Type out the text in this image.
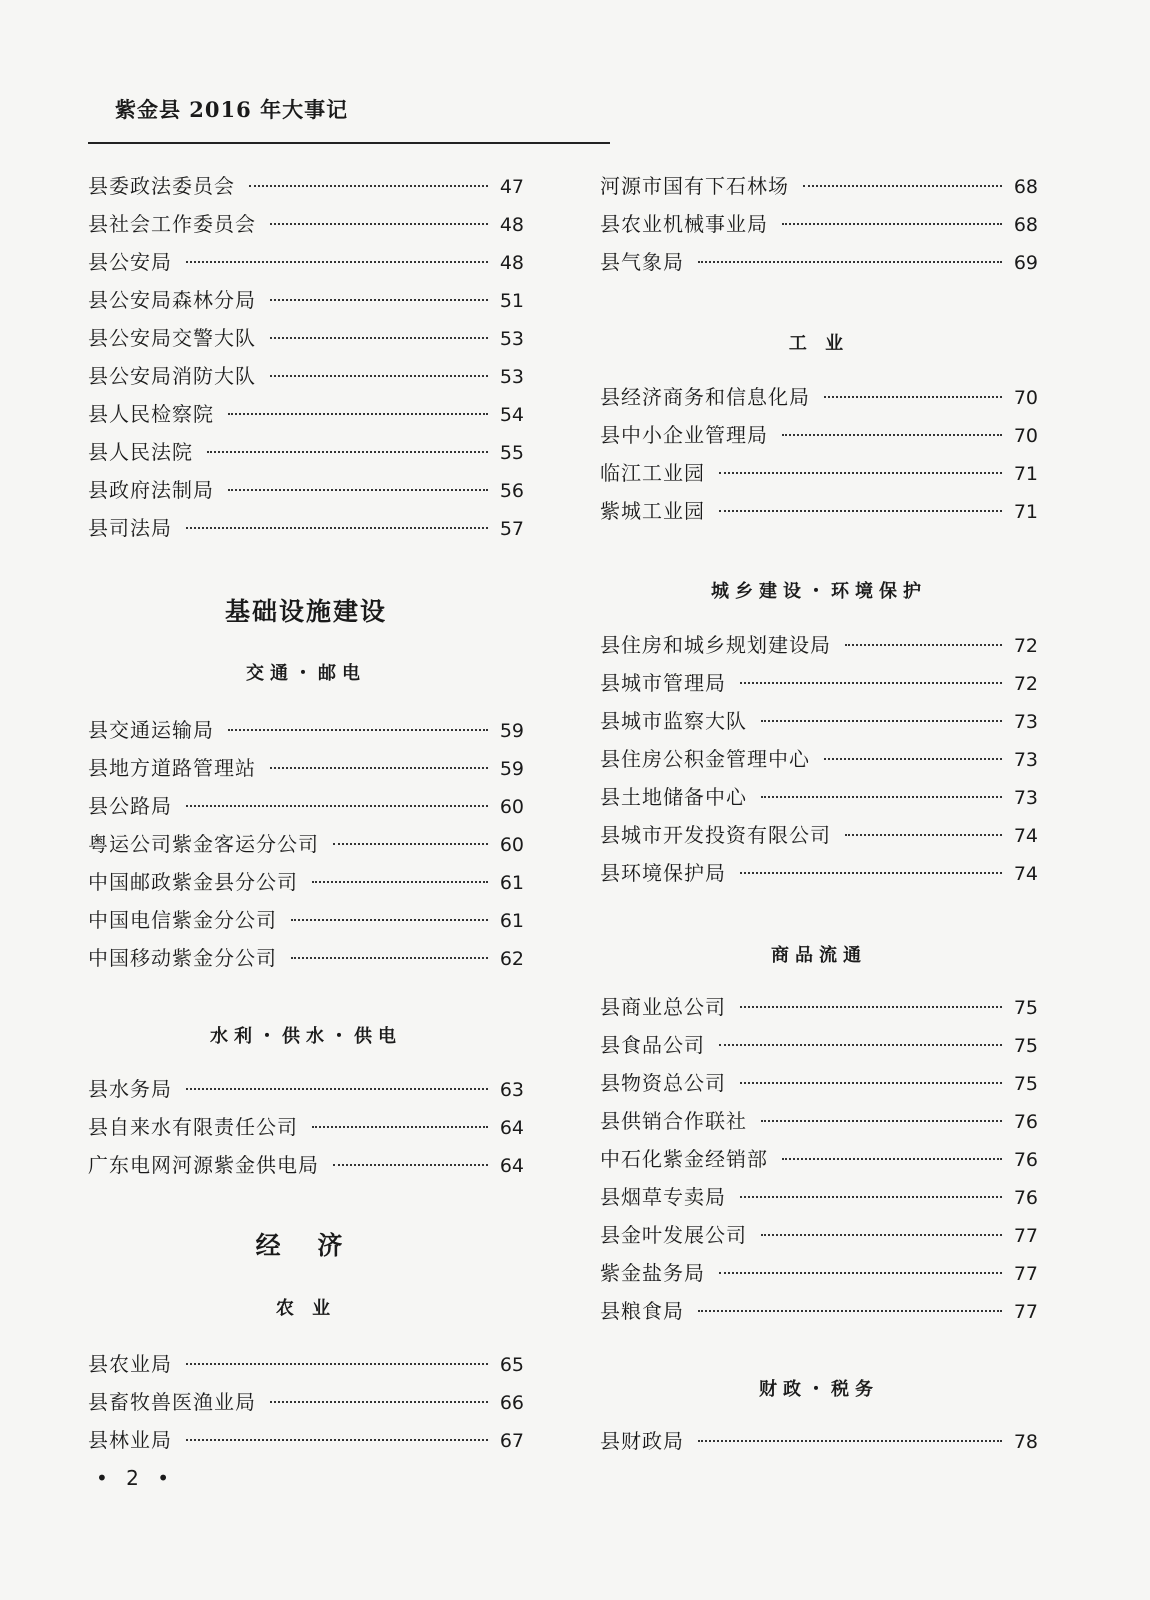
紫金县 2016 年大事记
县委政法委员会	47
县社会工作委员会	48
县公安局	48
县公安局森林分局	51
县公安局交警大队	53
县公安局消防大队	53
县人民检察院	54
县人民法院	55
县政府法制局	56
县司法局	57
基础设施建设
交通・邮电
县交通运输局	59
县地方道路管理站	59
县公路局	60
粤运公司紫金客运分公司	60
中国邮政紫金县分公司	61
中国电信紫金分公司	61
中国移动紫金分公司	62
水利・供水・供电
县水务局	63
县自来水有限责任公司	64
广东电网河源紫金供电局	64
经 济
农 业
县农业局	65
县畜牧兽医渔业局	66
县林业局	67
河源市国有下石林场	68
县农业机械事业局	68
县气象局	69
工 业
县经济商务和信息化局	70
县中小企业管理局	70
临江工业园	71
紫城工业园	71
城乡建设・环境保护
县住房和城乡规划建设局	72
县城市管理局	72
县城市监察大队	73
县住房公积金管理中心	73
县土地储备中心	73
县城市开发投资有限公司	74
县环境保护局	74
商品流通
县商业总公司	75
县食品公司	75
县物资总公司	75
县供销合作联社	76
中石化紫金经销部	76
县烟草专卖局	76
县金叶发展公司	77
紫金盐务局	77
县粮食局	77
财政・税务
县财政局	78
• 2 •
